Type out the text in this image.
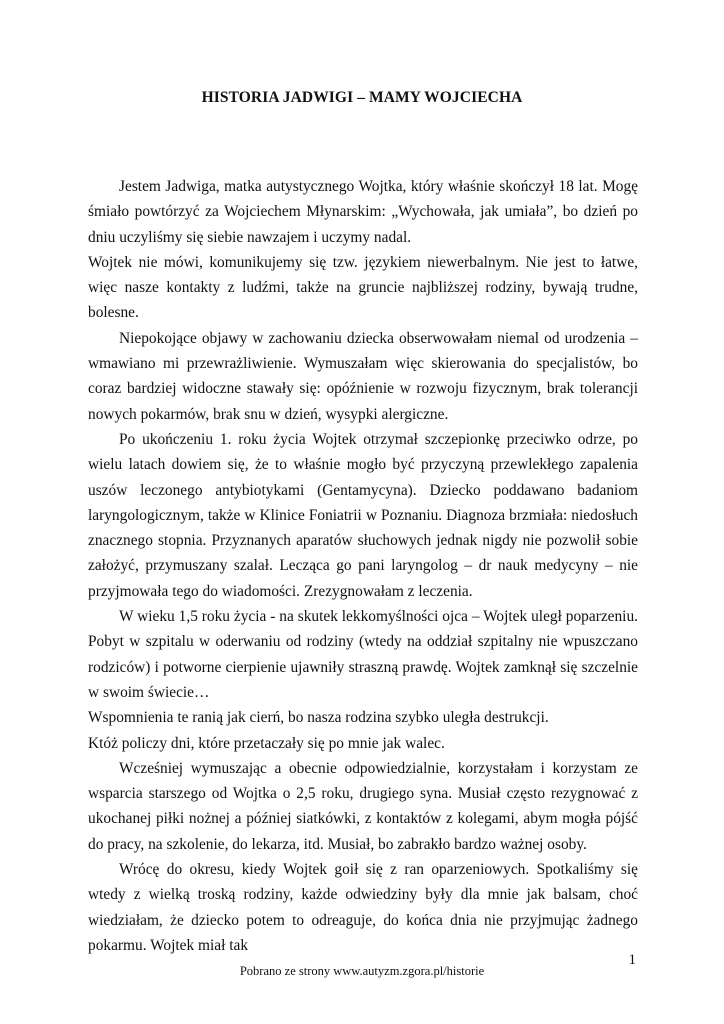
HISTORIA JADWIGI – MAMY WOJCIECHA

Jestem Jadwiga, matka autystycznego Wojtka, który właśnie skończył 18 lat. Mogę śmiało powtórzyć za Wojciechem Młynarskim: „Wychowała, jak umiała”, bo dzień po dniu uczyliśmy się siebie nawzajem i uczymy nadal.

Wojtek nie mówi, komunikujemy się tzw. językiem niewerbalnym. Nie jest to łatwe, więc nasze kontakty z ludźmi, także na gruncie najbliższej rodziny, bywają trudne, bolesne.

Niepokojące objawy w zachowaniu dziecka obserwowałam niemal od urodzenia – wmawiano mi przewrażliwienie. Wymuszałam więc skierowania do specjalistów, bo coraz bardziej widoczne stawały się: opóźnienie w rozwoju fizycznym, brak tolerancji nowych pokarmów, brak snu w dzień, wysypki alergiczne.

Po ukończeniu 1. roku życia Wojtek otrzymał szczepionkę przeciwko odrze, po wielu latach dowiem się, że to właśnie mogło być przyczyną przewlekłego zapalenia uszów leczonego antybiotykami (Gentamycyna). Dziecko poddawano badaniom laryngologicznym, także w Klinice Foniatrii w Poznaniu. Diagnoza brzmiała: niedosłuch znacznego stopnia. Przyznanych aparatów słuchowych jednak nigdy nie pozwolił sobie założyć, przymuszany szalał. Lecząca go pani laryngolog – dr nauk medycyny – nie przyjmowała tego do wiadomości. Zrezygnowałam z leczenia.

W wieku 1,5 roku życia - na skutek lekkomyślności ojca – Wojtek uległ poparzeniu. Pobyt w szpitalu w oderwaniu od rodziny (wtedy na oddział szpitalny nie wpuszczano rodziców) i potworne cierpienie ujawniły straszną prawdę. Wojtek zamknął się szczelnie w swoim świecie…

Wspomnienia te ranią jak cierń, bo nasza rodzina szybko uległa destrukcji.

Któż policzy dni, które przetaczały się po mnie jak walec.

Wcześniej wymuszając a obecnie odpowiedzialnie, korzystałam i korzystam ze wsparcia starszego od Wojtka o 2,5 roku, drugiego syna. Musiał często rezygnować z ukochanej piłki nożnej a później siatkówki, z kontaktów z kolegami, abym mogła pójść do pracy, na szkolenie, do lekarza, itd. Musiał, bo zabrakło bardzo ważnej osoby.

Wrócę do okresu, kiedy Wojtek goił się z ran oparzeniowych. Spotkaliśmy się wtedy z wielką troską rodziny, każde odwiedziny były dla mnie jak balsam, choć wiedziałam, że dziecko potem to odreaguje, do końca dnia nie przyjmując żadnego pokarmu. Wojtek miał tak

1
Pobrano ze strony www.autyzm.zgora.pl/historie
